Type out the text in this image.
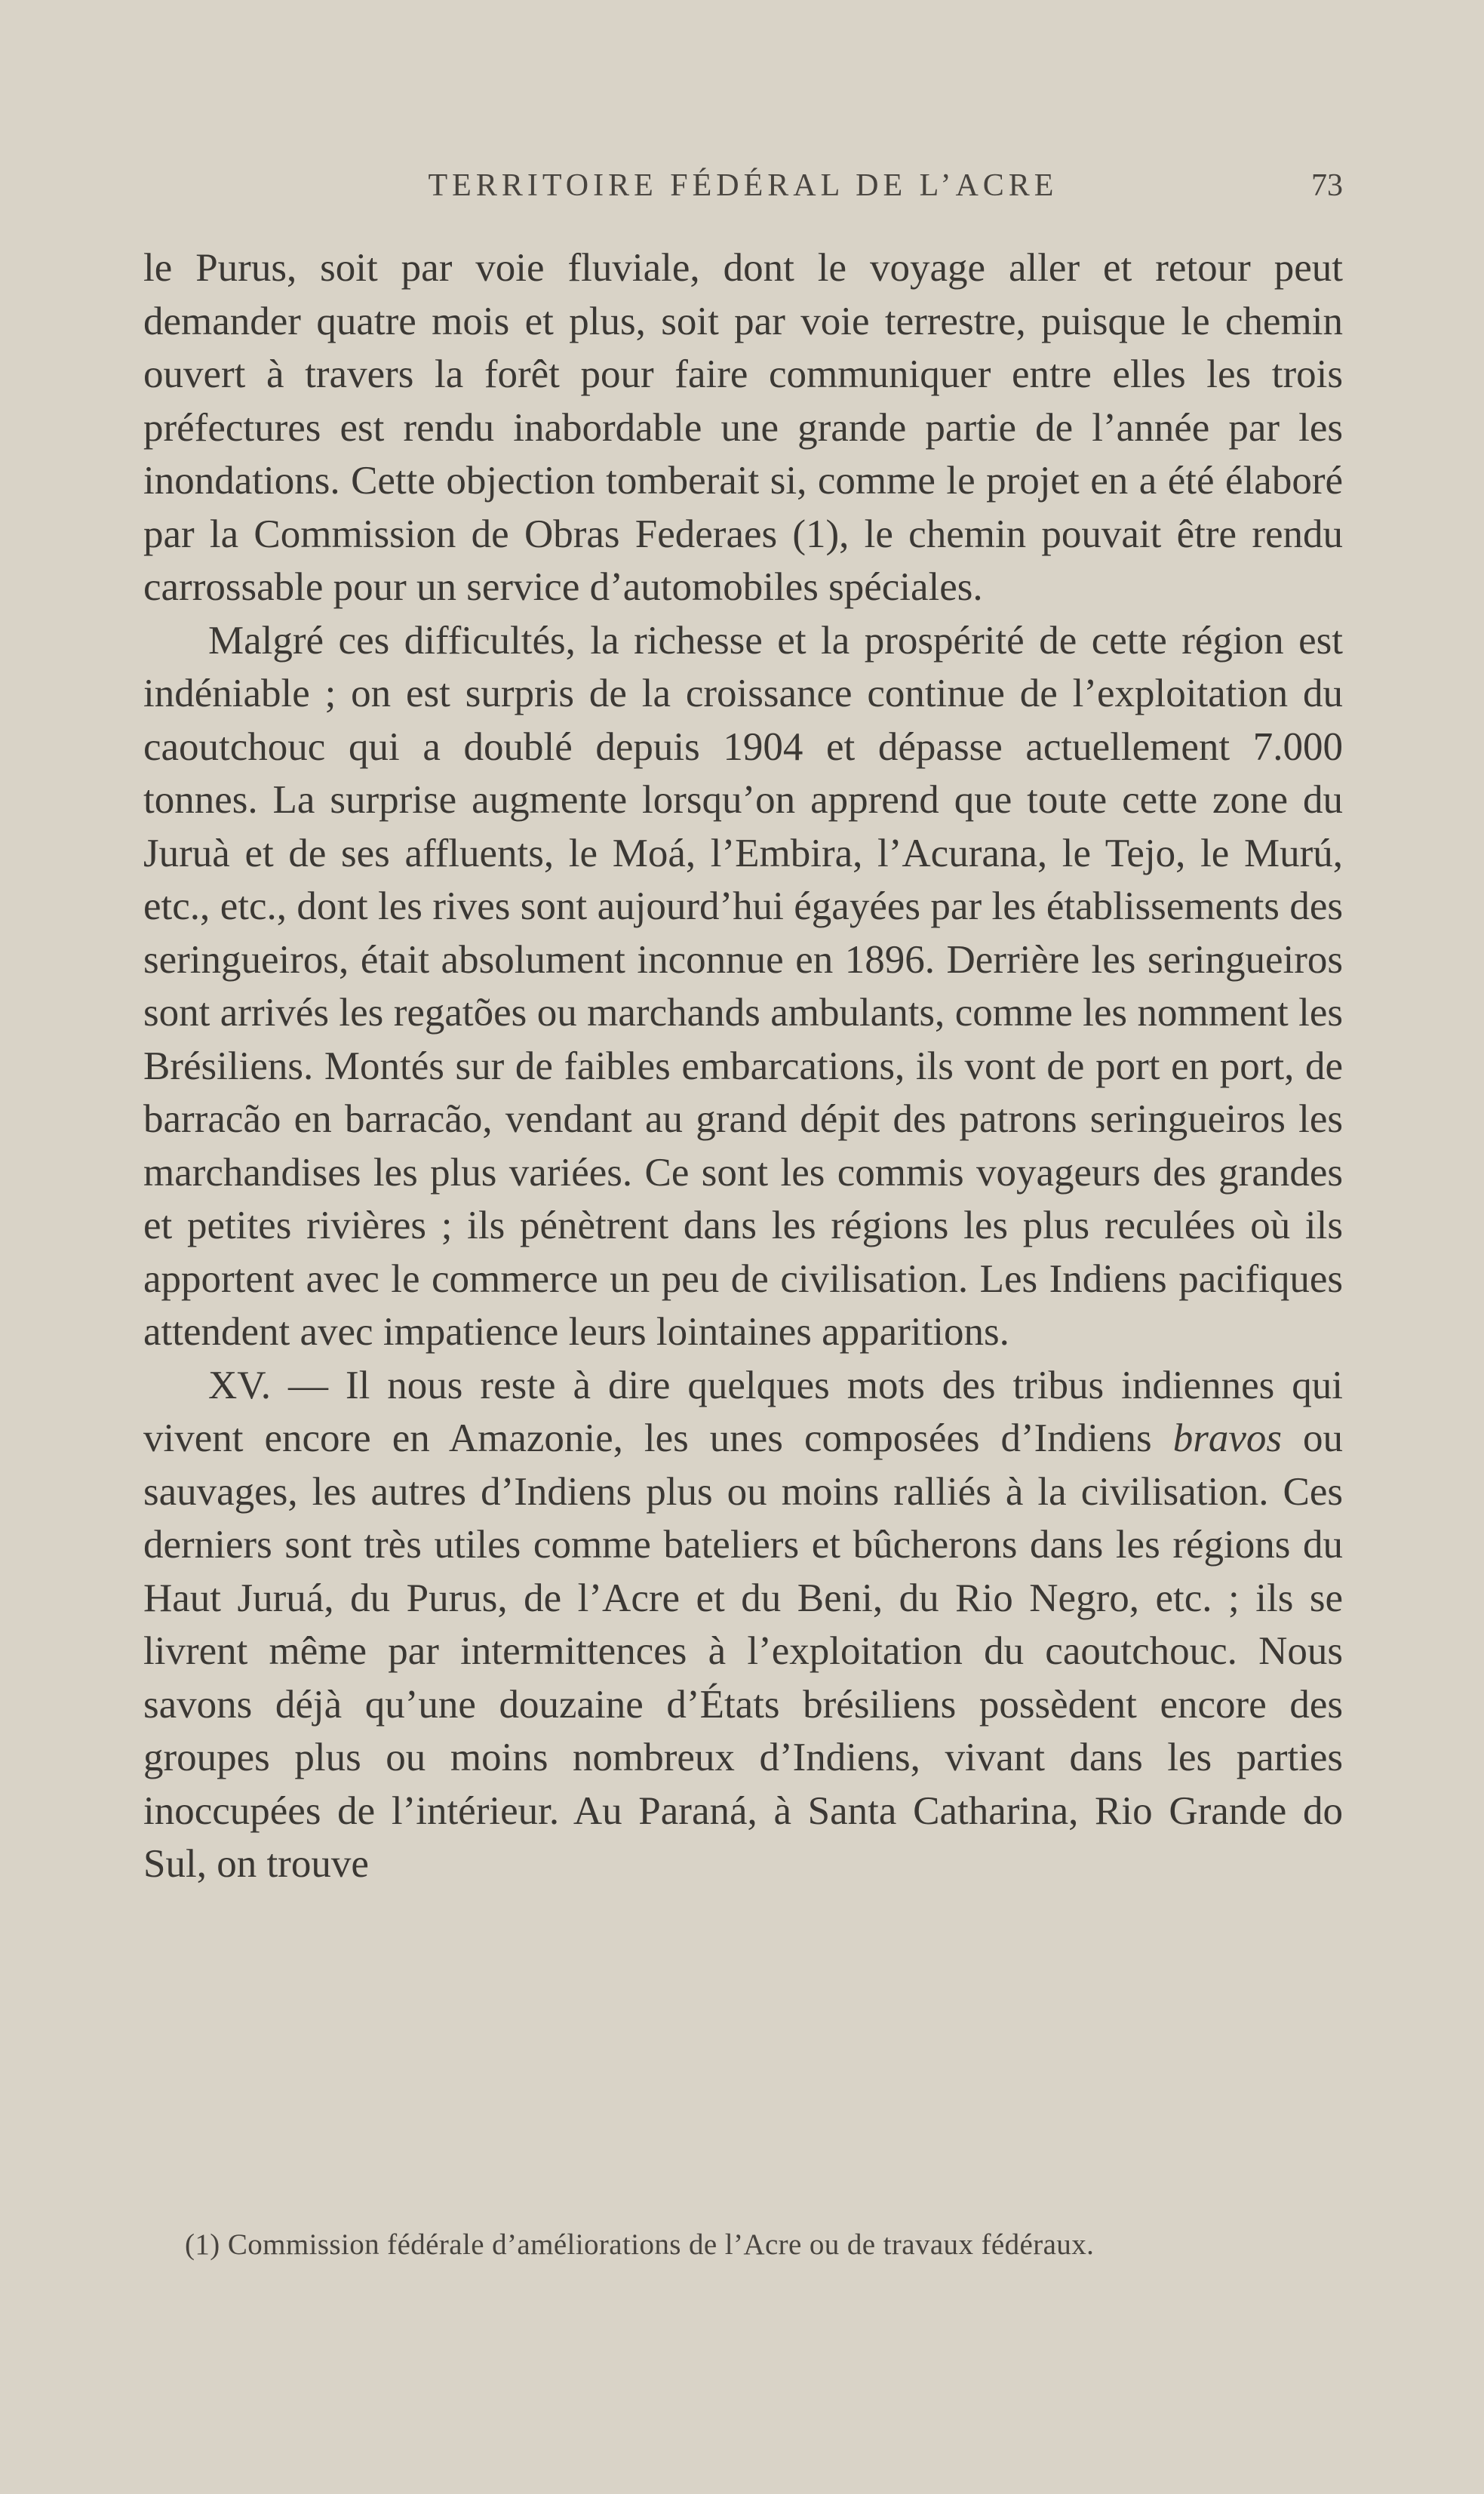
TERRITOIRE FÉDÉRAL DE L’ACRE	73

le Purus, soit par voie fluviale, dont le voyage aller et retour peut demander quatre mois et plus, soit par voie terrestre, puisque le chemin ouvert à travers la forêt pour faire communiquer entre elles les trois préfectures est rendu inabordable une grande partie de l’année par les inondations. Cette objection tomberait si, comme le projet en a été élaboré par la Commission de Obras Federaes (1), le chemin pouvait être rendu carrossable pour un service d’automobiles spéciales.

Malgré ces difficultés, la richesse et la prospérité de cette région est indéniable ; on est surpris de la croissance continue de l’exploitation du caoutchouc qui a doublé depuis 1904 et dépasse actuellement 7.000 tonnes. La surprise augmente lorsqu’on apprend que toute cette zone du Juruà et de ses affluents, le Moá, l’Embira, l’Acurana, le Tejo, le Murú, etc., etc., dont les rives sont aujourd’hui égayées par les établissements des seringueiros, était absolument inconnue en 1896. Derrière les seringueiros sont arrivés les regatões ou marchands ambulants, comme les nomment les Brésiliens. Montés sur de faibles embarcations, ils vont de port en port, de barracão en barracão, vendant au grand dépit des patrons seringueiros les marchandises les plus variées. Ce sont les commis voyageurs des grandes et petites rivières ; ils pénètrent dans les régions les plus reculées où ils apportent avec le commerce un peu de civilisation. Les Indiens pacifiques attendent avec impatience leurs lointaines apparitions.

XV. — Il nous reste à dire quelques mots des tribus indiennes qui vivent encore en Amazonie, les unes composées d’Indiens bravos ou sauvages, les autres d’Indiens plus ou moins ralliés à la civilisation. Ces derniers sont très utiles comme bateliers et bûcherons dans les régions du Haut Juruá, du Purus, de l’Acre et du Beni, du Rio Negro, etc. ; ils se livrent même par intermittences à l’exploitation du caoutchouc. Nous savons déjà qu’une douzaine d’États brésiliens possèdent encore des groupes plus ou moins nombreux d’Indiens, vivant dans les parties inoccupées de l’intérieur. Au Paraná, à Santa Catharina, Rio Grande do Sul, on trouve

(1) Commission fédérale d’améliorations de l’Acre ou de travaux fédéraux.
